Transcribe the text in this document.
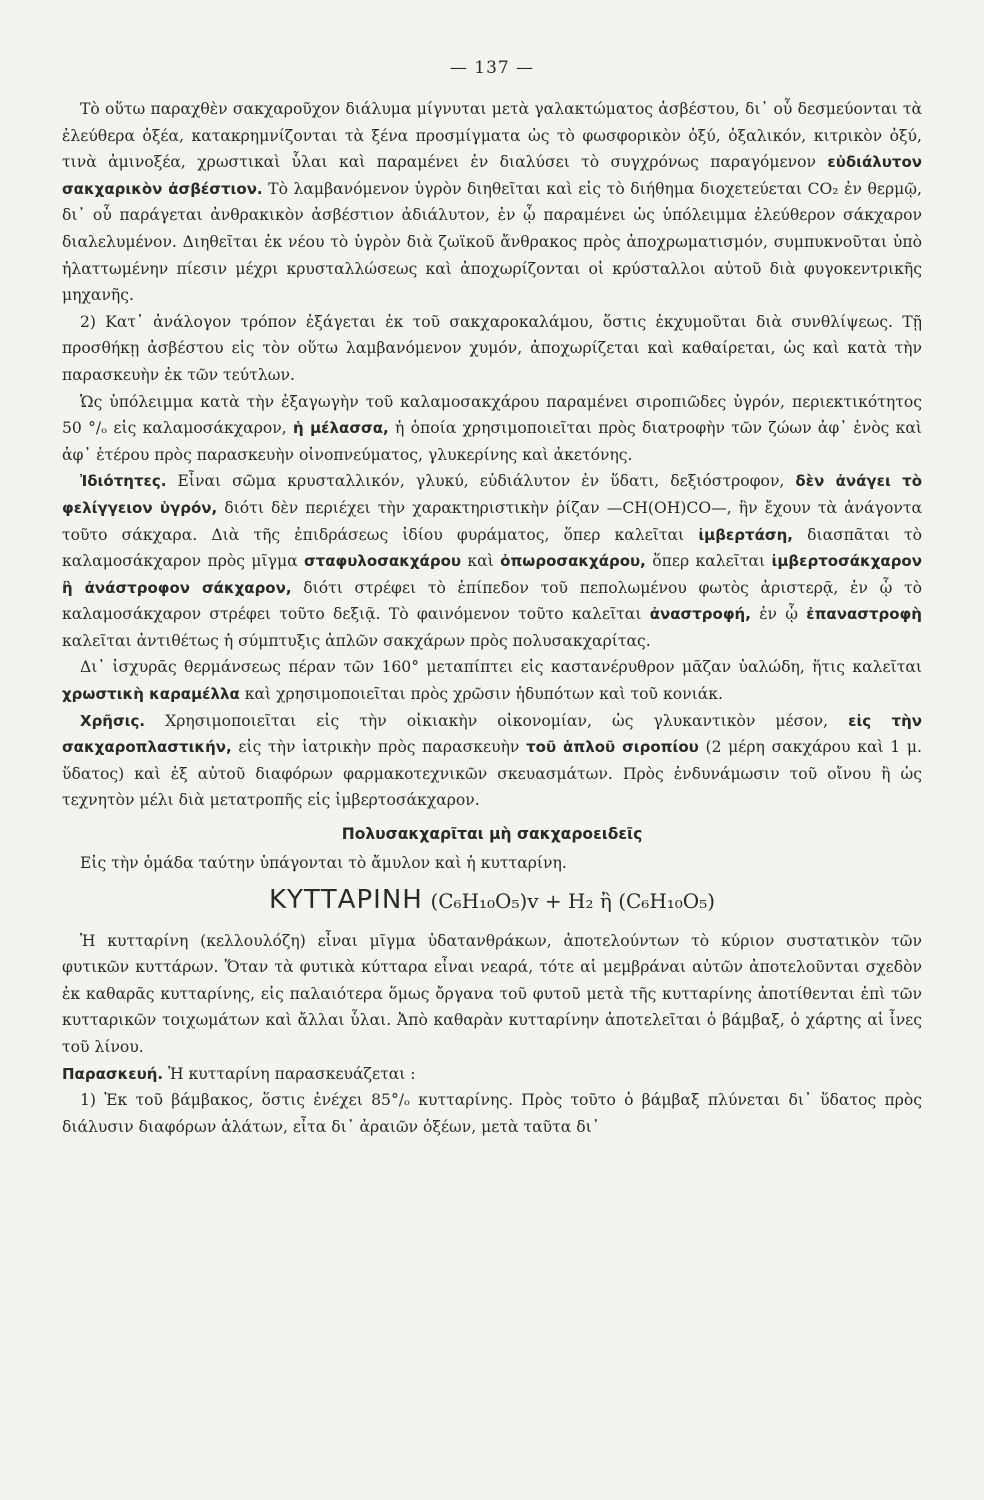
— 137 —

Τὸ οὕτω παραχθὲν σακχαροῦχον διάλυμα μίγνυται μετὰ γαλακτώματος ἀσβέστου, δι᾿ οὗ δεσμεύονται τὰ ἐλεύθερα ὀξέα, κατακρημνίζονται τὰ ξένα προσμίγματα ὡς τὸ φωσφορικὸν ὀξύ, ὀξαλικόν, κιτρικὸν ὀξύ, τινὰ ἀμινοξέα, χρωστικαὶ ὗλαι καὶ παραμένει ἐν διαλύσει τὸ συγχρόνως παραγόμενον εὐδιάλυτον σακχαρικὸν ἀσβέστιον. Τὸ λαμβανόμενον ὑγρὸν διηθεῖται καὶ εἰς τὸ διήθημα διοχετεύεται CO₂ ἐν θερμῷ, δι᾿ οὗ παράγεται ἀνθρακικὸν ἀσβέστιον ἀδιάλυτον, ἐν ᾧ παραμένει ὡς ὑπόλειμμα ἐλεύθερον σάκχαρον διαλελυμένον. Διηθεῖται ἐκ νέου τὸ ὑγρὸν διὰ ζωϊκοῦ ἄνθρακος πρὸς ἀποχρωματισμόν, συμπυκνοῦται ὑπὸ ἠλαττωμένην πίεσιν μέχρι κρυσταλλώσεως καὶ ἀποχωρίζονται οἱ κρύσταλλοι αὐτοῦ διὰ φυγοκεντρικῆς μηχανῆς.

2) Κατ᾿ ἀνάλογον τρόπον ἐξάγεται ἐκ τοῦ σακχαροκαλάμου, ὅστις ἐκχυμοῦται διὰ συνθλίψεως. Τῇ προσθήκῃ ἀσβέστου εἰς τὸν οὕτω λαμβανόμενον χυμόν, ἀποχωρίζεται καὶ καθαίρεται, ὡς καὶ κατὰ τὴν παρασκευὴν ἐκ τῶν τεύτλων.

Ὡς ὑπόλειμμα κατὰ τὴν ἐξαγωγὴν τοῦ καλαμοσακχάρου παραμένει σιροπιῶδες ὑγρόν, περιεκτικότητος 50 °/ₒ εἰς καλαμοσάκχαρον, ἡ μέλασσα, ἡ ὁποία χρησιμοποιεῖται πρὸς διατροφὴν τῶν ζώων ἀφ᾿ ἑνὸς καὶ ἀφ᾿ ἑτέρου πρὸς παρασκευὴν οἰνοπνεύματος, γλυκερίνης καὶ ἀκετόνης.

Ἰδιότητες. Εἶναι σῶμα κρυσταλλικόν, γλυκύ, εὐδιάλυτον ἐν ὕδατι, δεξιόστροφον, δὲν ἀνάγει τὸ φελίγγειον ὑγρόν, διότι δὲν περιέχει τὴν χαρακτηριστικὴν ῥίζαν —CH(OH)CO—, ἣν ἔχουν τὰ ἀνάγοντα τοῦτο σάκχαρα. Διὰ τῆς ἐπιδράσεως ἰδίου φυράματος, ὅπερ καλεῖται ἰμβερτάση, διασπᾶται τὸ καλαμοσάκχαρον πρὸς μῖγμα σταφυλοσακχάρου καὶ ὀπωροσακχάρου, ὅπερ καλεῖται ἰμβερτοσάκχαρον ἢ ἀνάστροφον σάκχαρον, διότι στρέφει τὸ ἐπίπεδον τοῦ πεπολωμένου φωτὸς ἀριστερᾷ, ἐν ᾧ τὸ καλαμοσάκχαρον στρέφει τοῦτο δεξιᾷ. Τὸ φαινόμενον τοῦτο καλεῖται ἀναστροφή, ἐν ᾧ ἐπαναστροφὴ καλεῖται ἀντιθέτως ἡ σύμπτυξις ἁπλῶν σακχάρων πρὸς πολυσακχαρίτας.

Δι᾿ ἰσχυρᾶς θερμάνσεως πέραν τῶν 160° μεταπίπτει εἰς καστανέρυθρον μᾶζαν ὑαλώδη, ἥτις καλεῖται χρωστικὴ καραμέλλα καὶ χρησιμοποιεῖται πρὸς χρῶσιν ἡδυπότων καὶ τοῦ κονιάκ.

Χρῆσις. Χρησιμοποιεῖται εἰς τὴν οἰκιακὴν οἰκονομίαν, ὡς γλυκαντικὸν μέσον, εἰς τὴν σακχαροπλαστικήν, εἰς τὴν ἰατρικὴν πρὸς παρασκευὴν τοῦ ἁπλοῦ σιροπίου (2 μέρη σακχάρου καὶ 1 μ. ὕδατος) καὶ ἐξ αὐτοῦ διαφόρων φαρμακοτεχνικῶν σκευασμάτων. Πρὸς ἐνδυνάμωσιν τοῦ οἴνου ἢ ὡς τεχνητὸν μέλι διὰ μετατροπῆς εἰς ἰμβερτοσάκχαρον.

Πολυσακχαρῖται μὴ σακχαροειδεῖς

Εἰς τὴν ὁμάδα ταύτην ὑπάγονται τὸ ἄμυλον καὶ ἡ κυτταρίνη.

ΚΥΤΤΑΡΙΝΗ (C₆H₁₀O₅)v + H₂ ἢ (C₆H₁₀O₅)

Ἡ κυτταρίνη (κελλουλόζη) εἶναι μῖγμα ὑδατανθράκων, ἀποτελούντων τὸ κύριον συστατικὸν τῶν φυτικῶν κυττάρων. Ὅταν τὰ φυτικὰ κύτταρα εἶναι νεαρά, τότε αἱ μεμβράναι αὐτῶν ἀποτελοῦνται σχεδὸν ἐκ καθαρᾶς κυτταρίνης, εἰς παλαιότερα ὅμως ὄργανα τοῦ φυτοῦ μετὰ τῆς κυτταρίνης ἀποτίθενται ἐπὶ τῶν κυτταρικῶν τοιχωμάτων καὶ ἄλλαι ὗλαι. Ἀπὸ καθαρὰν κυτταρίνην ἀποτελεῖται ὁ βάμβαξ, ὁ χάρτης αἱ ἶνες τοῦ λίνου.

Παρασκευή. Ἡ κυτταρίνη παρασκευάζεται :

1) Ἐκ τοῦ βάμβακος, ὅστις ἐνέχει 85°/ₒ κυτταρίνης. Πρὸς τοῦτο ὁ βάμβαξ πλύνεται δι᾿ ὕδατος πρὸς διάλυσιν διαφόρων ἁλάτων, εἶτα δι᾿ ἀραιῶν ὀξέων, μετὰ ταῦτα δι᾿
